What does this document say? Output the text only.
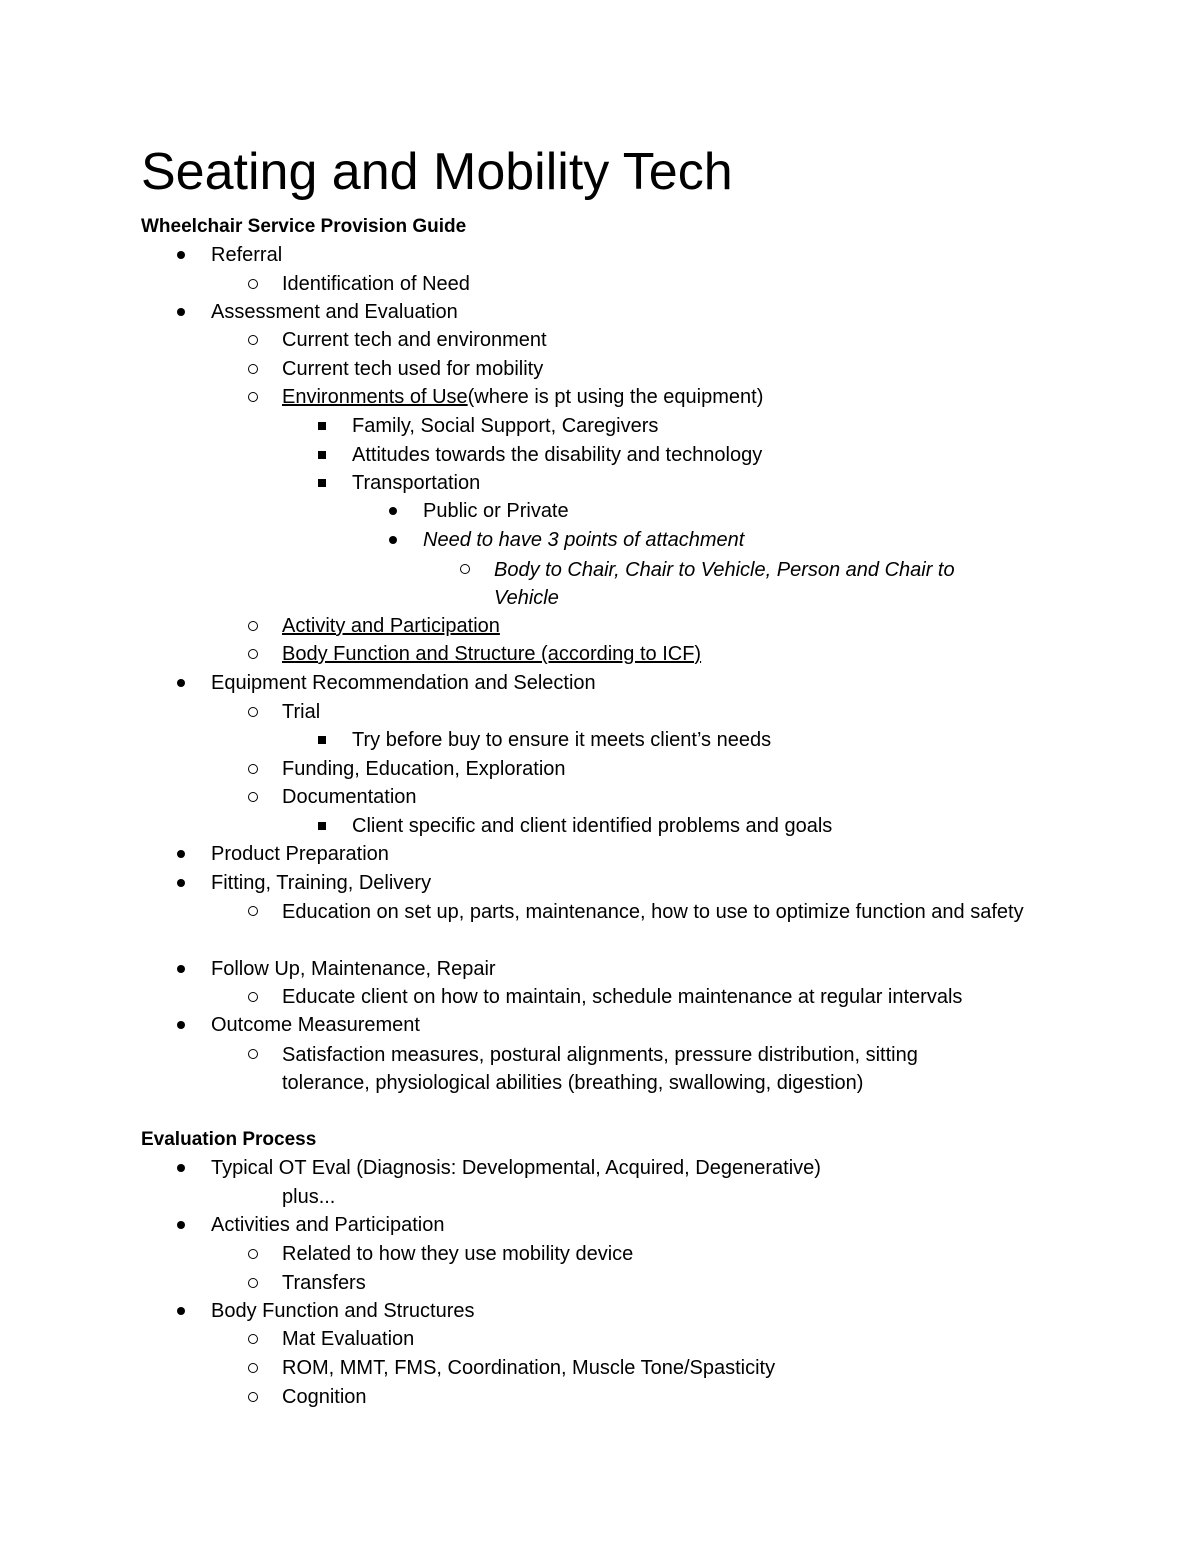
Seating and Mobility Tech
Wheelchair Service Provision Guide
Referral
Identification of Need
Assessment and Evaluation
Current tech and environment
Current tech used for mobility
Environments of Use(where is pt using the equipment)
Family, Social Support, Caregivers
Attitudes towards the disability and technology
Transportation
Public or Private
Need to have 3 points of attachment
Body to Chair, Chair to Vehicle, Person and Chair to Vehicle
Activity and Participation
Body Function and Structure (according to ICF)
Equipment Recommendation and Selection
Trial
Try before buy to ensure it meets client’s needs
Funding, Education, Exploration
Documentation
Client specific and client identified problems and goals
Product Preparation
Fitting, Training, Delivery
Education on set up, parts, maintenance, how to use to optimize function and safety
Follow Up, Maintenance, Repair
Educate client on how to maintain, schedule maintenance at regular intervals
Outcome Measurement
Satisfaction measures, postural alignments, pressure distribution, sitting tolerance, physiological abilities (breathing, swallowing, digestion)
Evaluation Process
Typical OT Eval (Diagnosis: Developmental, Acquired, Degenerative)
plus...
Activities and Participation
Related to how they use mobility device
Transfers
Body Function and Structures
Mat Evaluation
ROM, MMT, FMS, Coordination, Muscle Tone/Spasticity
Cognition
